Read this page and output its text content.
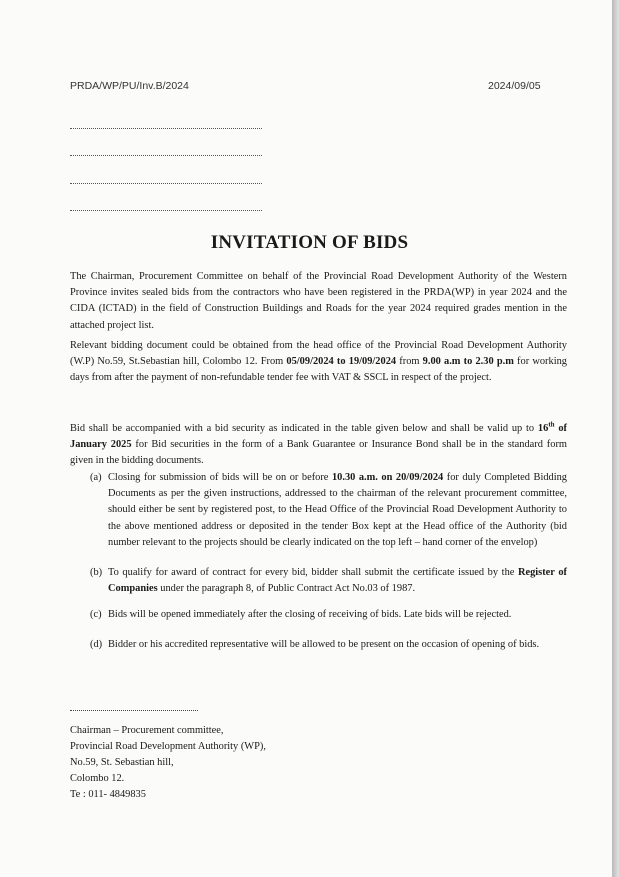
PRDA/WP/PU/Inv.B/2024	2024/09/05
INVITATION OF BIDS

The Chairman, Procurement Committee on behalf of the Provincial Road Development Authority of the Western Province invites sealed bids from the contractors who have been registered in the PRDA(WP) in year 2024 and the CIDA (ICTAD) in the field of Construction Buildings and Roads for the year 2024 required grades mention in the attached project list.

Relevant bidding document could be obtained from the head office of the Provincial Road Development Authority (W.P) No.59, St.Sebastian hill, Colombo 12. From 05/09/2024 to 19/09/2024 from 9.00 a.m to 2.30 p.m for working days from after the payment of non-refundable tender fee with VAT & SSCL in respect of the project.

Bid shall be accompanied with a bid security as indicated in the table given below and shall be valid up to 16th of January 2025 for Bid securities in the form of a Bank Guarantee or Insurance Bond shall be in the standard form given in the bidding documents.

(a) Closing for submission of bids will be on or before 10.30 a.m. on 20/09/2024 for duly Completed Bidding Documents as per the given instructions, addressed to the chairman of the relevant procurement committee, should either be sent by registered post, to the Head Office of the Provincial Road Development Authority to the above mentioned address or deposited in the tender Box kept at the Head office of the Authority (bid number relevant to the projects should be clearly indicated on the top left – hand corner of the envelop)
(b) To qualify for award of contract for every bid, bidder shall submit the certificate issued by the Register of Companies under the paragraph 8, of Public Contract Act No.03 of 1987.
(c) Bids will be opened immediately after the closing of receiving of bids. Late bids will be rejected.
(d) Bidder or his accredited representative will be allowed to be present on the occasion of opening of bids.
Chairman – Procurement committee,
Provincial Road Development Authority (WP),
No.59, St. Sebastian hill,
Colombo 12.
Te : 011- 4849835
